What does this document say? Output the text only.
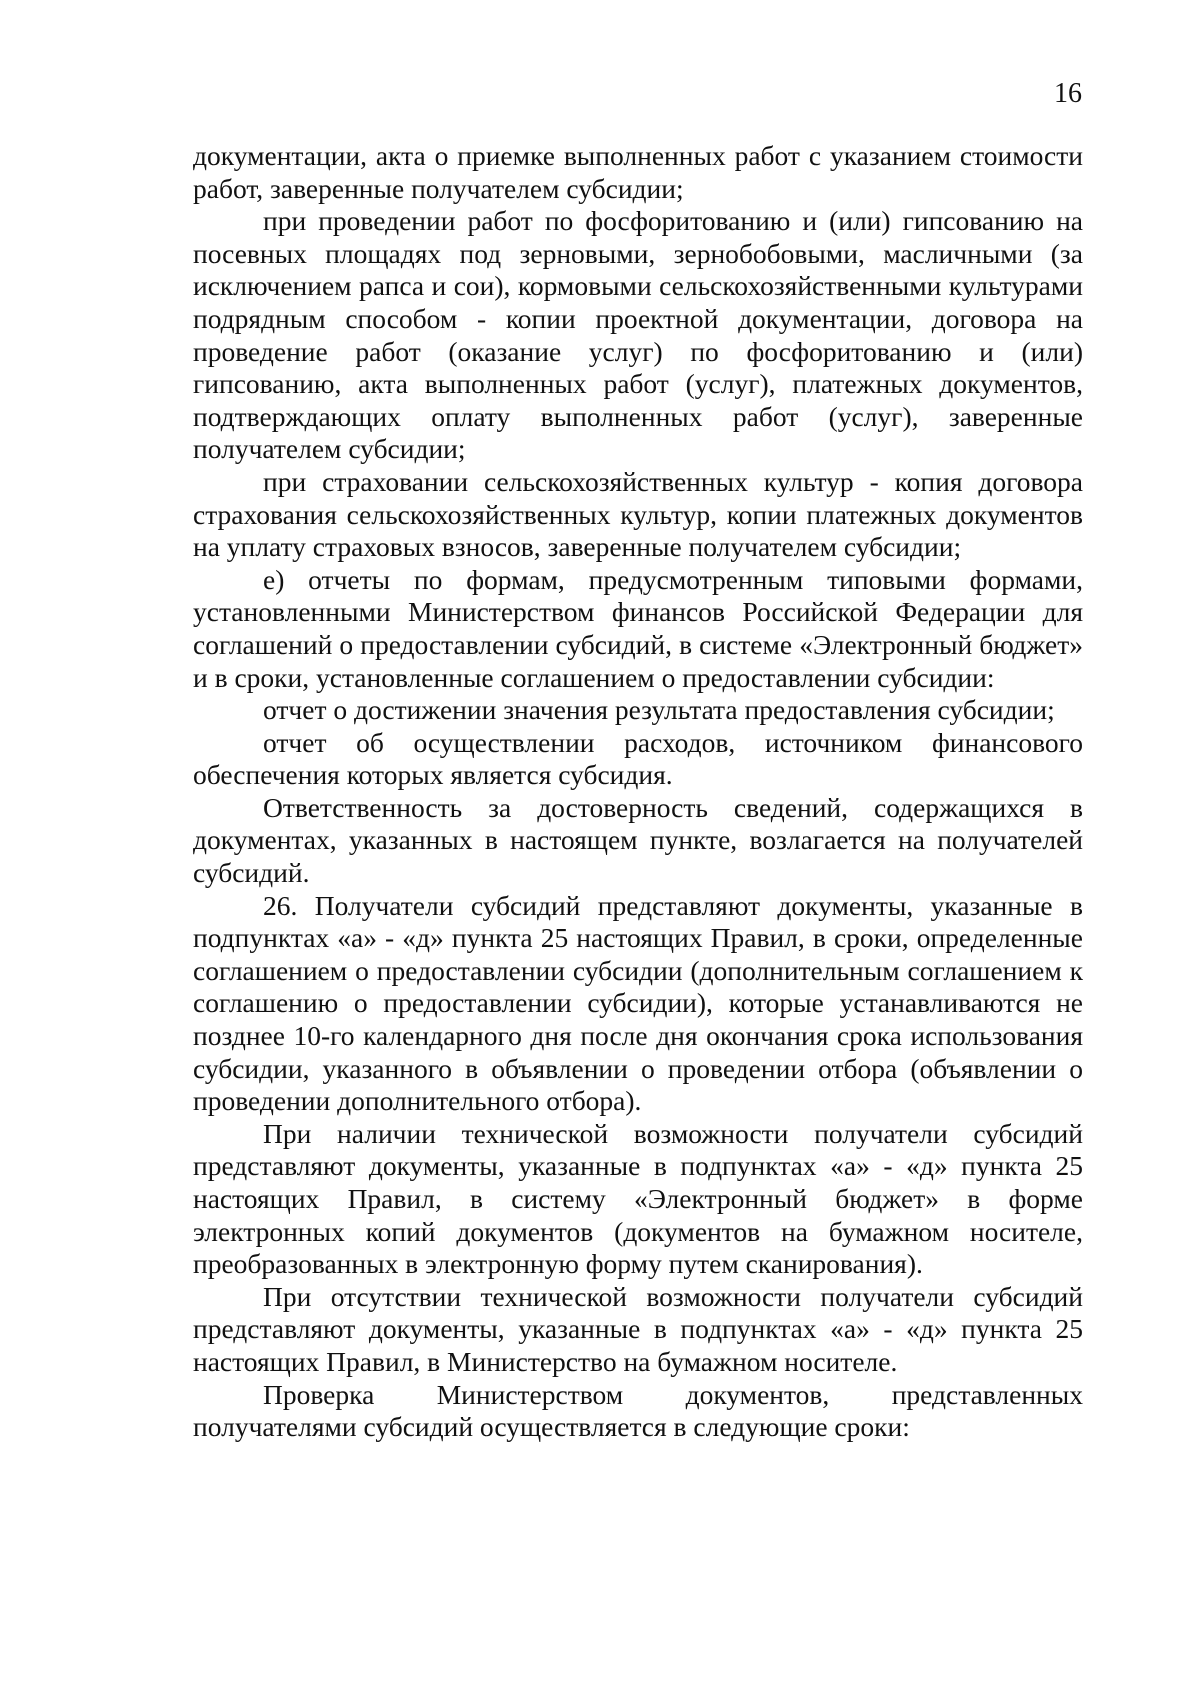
16

документации, акта о приемке выполненных работ с указанием стоимости работ, заверенные получателем субсидии;

при проведении работ по фосфоритованию и (или) гипсованию на посевных площадях под зерновыми, зернобобовыми, масличными (за исключением рапса и сои), кормовыми сельскохозяйственными культурами подрядным способом - копии проектной документации, договора на проведение работ (оказание услуг) по фосфоритованию и (или) гипсованию, акта выполненных работ (услуг), платежных документов, подтверждающих оплату выполненных работ (услуг), заверенные получателем субсидии;

при страховании сельскохозяйственных культур - копия договора страхования сельскохозяйственных культур, копии платежных документов на уплату страховых взносов, заверенные получателем субсидии;

е) отчеты по формам, предусмотренным типовыми формами, установленными Министерством финансов Российской Федерации для соглашений о предоставлении субсидий, в системе «Электронный бюджет» и в сроки, установленные соглашением о предоставлении субсидии:

отчет о достижении значения результата предоставления субсидии;

отчет об осуществлении расходов, источником финансового обеспечения которых является субсидия.

Ответственность за достоверность сведений, содержащихся в документах, указанных в настоящем пункте, возлагается на получателей субсидий.

26. Получатели субсидий представляют документы, указанные в подпунктах «а» - «д» пункта 25 настоящих Правил, в сроки, определенные соглашением о предоставлении субсидии (дополнительным соглашением к соглашению о предоставлении субсидии), которые устанавливаются не позднее 10-го календарного дня после дня окончания срока использования субсидии, указанного в объявлении о проведении отбора (объявлении о проведении дополнительного отбора).

При наличии технической возможности получатели субсидий представляют документы, указанные в подпунктах «а» - «д» пункта 25 настоящих Правил, в систему «Электронный бюджет» в форме электронных копий документов (документов на бумажном носителе, преобразованных в электронную форму путем сканирования).

При отсутствии технической возможности получатели субсидий представляют документы, указанные в подпунктах «а» - «д» пункта 25 настоящих Правил, в Министерство на бумажном носителе.

Проверка Министерством документов, представленных получателями субсидий осуществляется в следующие сроки:
